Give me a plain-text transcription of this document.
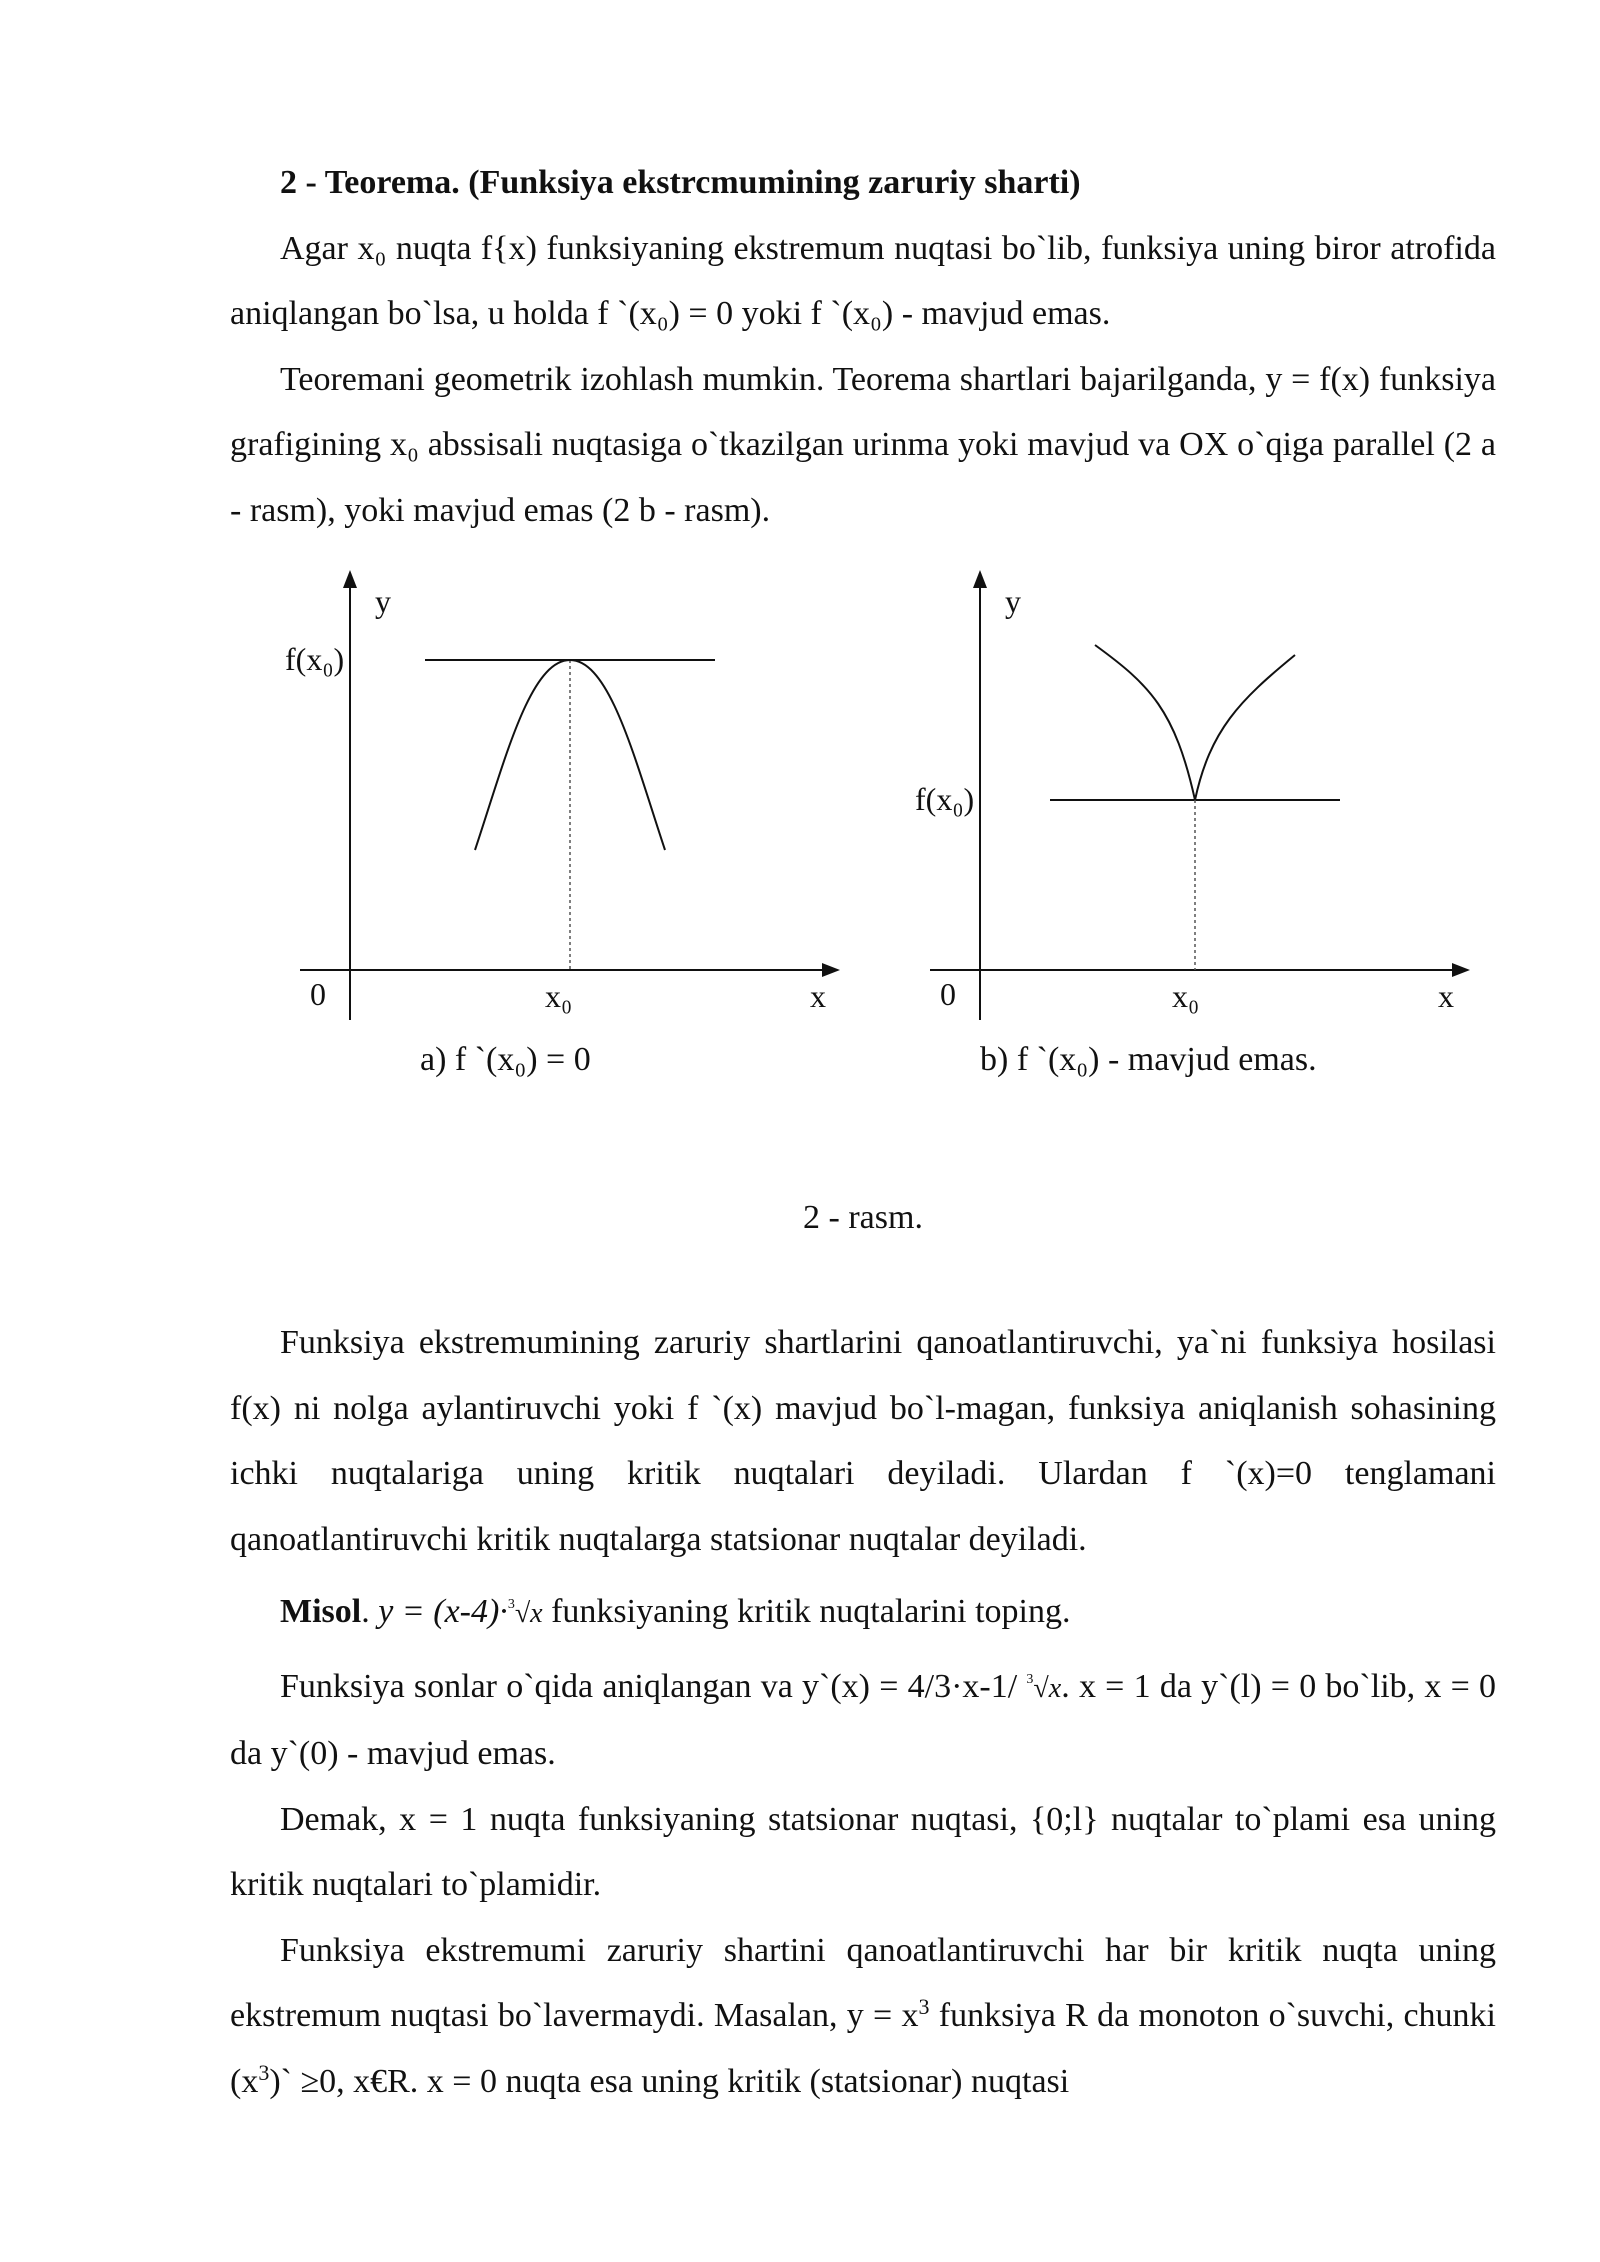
2 - Teorema. (Funksiya ekstrcmumining zaruriy sharti)

Agar x₀ nuqta f{x) funksiyaning ekstremum nuqtasi bo`lib, funksiya uning biror atrofida aniqlangan bo`lsa, u holda f `(x₀) = 0 yoki f `(x₀) - mavjud emas.

Teoremani geometrik izohlash mumkin. Teorema shartlari bajarilganda, y = f(x) funksiya grafigining x₀ abssisali nuqtasiga o`tkazilgan urinma yoki mavjud va OX o`qiga parallel (2 a - rasm), yoki mavjud emas (2 b - rasm).

y
f(x₀)
0	x₀	x
a) f `(x₀) = 0
y
f(x₀)
0	x₀	x
b) f `(x₀) - mavjud emas.
2 - rasm.

Funksiya ekstremumining zaruriy shartlarini qanoatlantiruvchi, ya`ni funksiya hosilasi f(x) ni nolga aylantiruvchi yoki f `(x) mavjud bo`l-magan, funksiya aniqlanish sohasining ichki nuqtalariga uning kritik nuqtalari deyiladi. Ulardan f `(x)=0 tenglamani qanoatlantiruvchi kritik nuqtalarga statsionar nuqtalar deyiladi.

Misol. y = (x-4)·$^3$√x funksiyaning kritik nuqtalarini toping.

Funksiya sonlar o`qida aniqlangan va y`(x) = 4/3·x-1/ $^3$√x. x = 1 da y`(l) = 0 bo`lib, x = 0 da y`(0) - mavjud emas.

Demak, x = 1 nuqta funksiyaning statsionar nuqtasi, {0;l} nuqtalar to`plami esa uning kritik nuqtalari to`plamidir.

Funksiya ekstremumi zaruriy shartini qanoatlantiruvchi har bir kritik nuqta uning ekstremum nuqtasi bo`lavermaydi. Masalan, $y = x^3$ funksiya R da monoton o`suvchi, chunki $(x^3)` \ge 0$, x€R. x = 0 nuqta esa uning kritik (statsionar) nuqtasi
